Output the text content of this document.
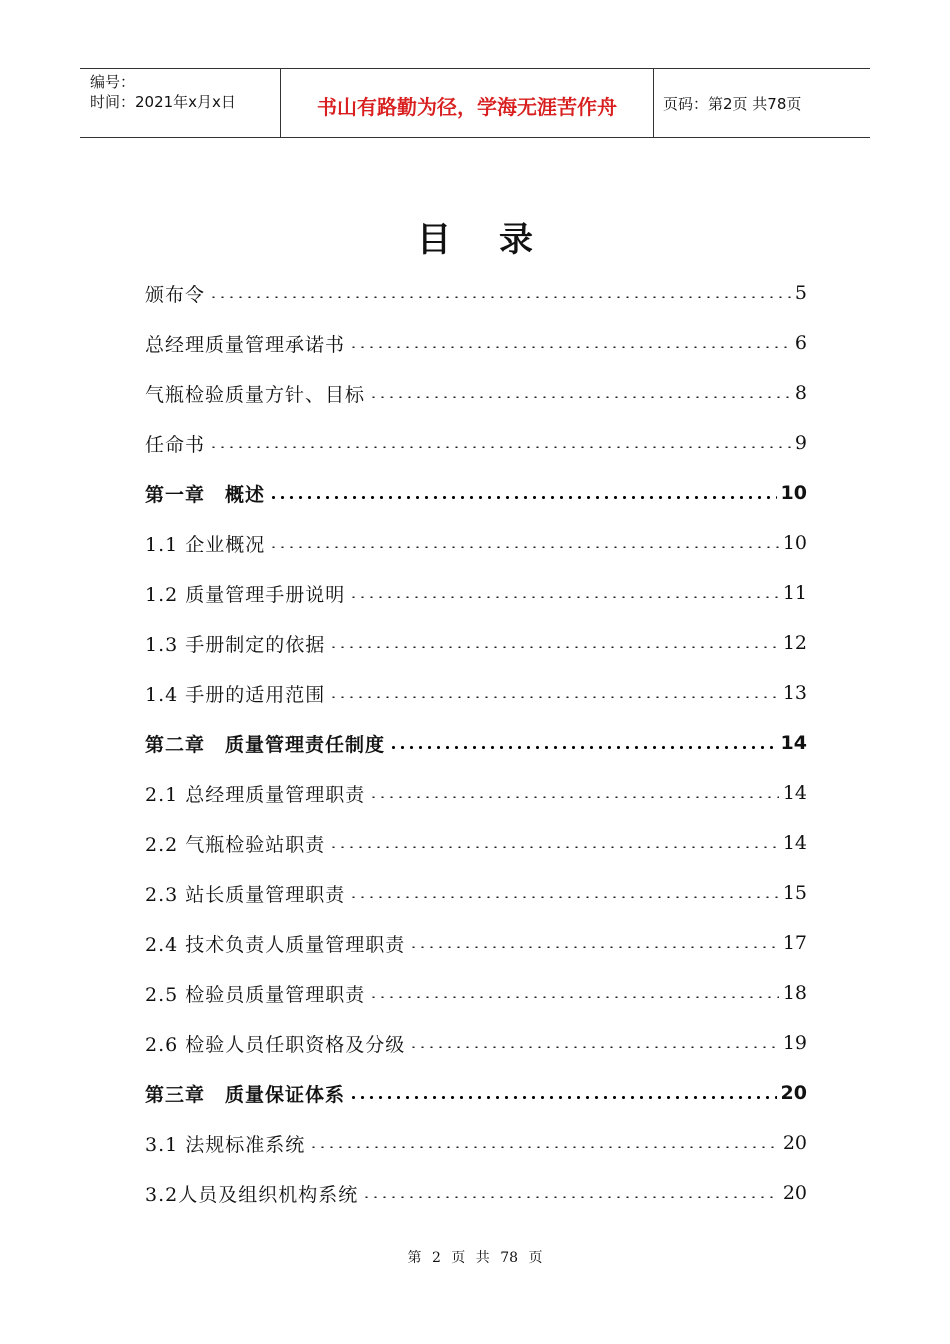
编号：
时间：2021年x月x日	书山有路勤为径，学海无涯苦作舟	页码：第2页 共78页
目录
颁布令	5
总经理质量管理承诺书	6
气瓶检验质量方针、目标	8
任命书	9
第一章　概述	10
1.1 企业概况	10
1.2 质量管理手册说明	11
1.3 手册制定的依据	12
1.4 手册的适用范围	13
第二章　质量管理责任制度	14
2.1 总经理质量管理职责	14
2.2 气瓶检验站职责	14
2.3 站长质量管理职责	15
2.4 技术负责人质量管理职责	17
2.5 检验员质量管理职责	18
2.6 检验人员任职资格及分级	19
第三章　质量保证体系	20
3.1 法规标准系统	20
3.2人员及组织机构系统	20
第 2 页 共 78 页
